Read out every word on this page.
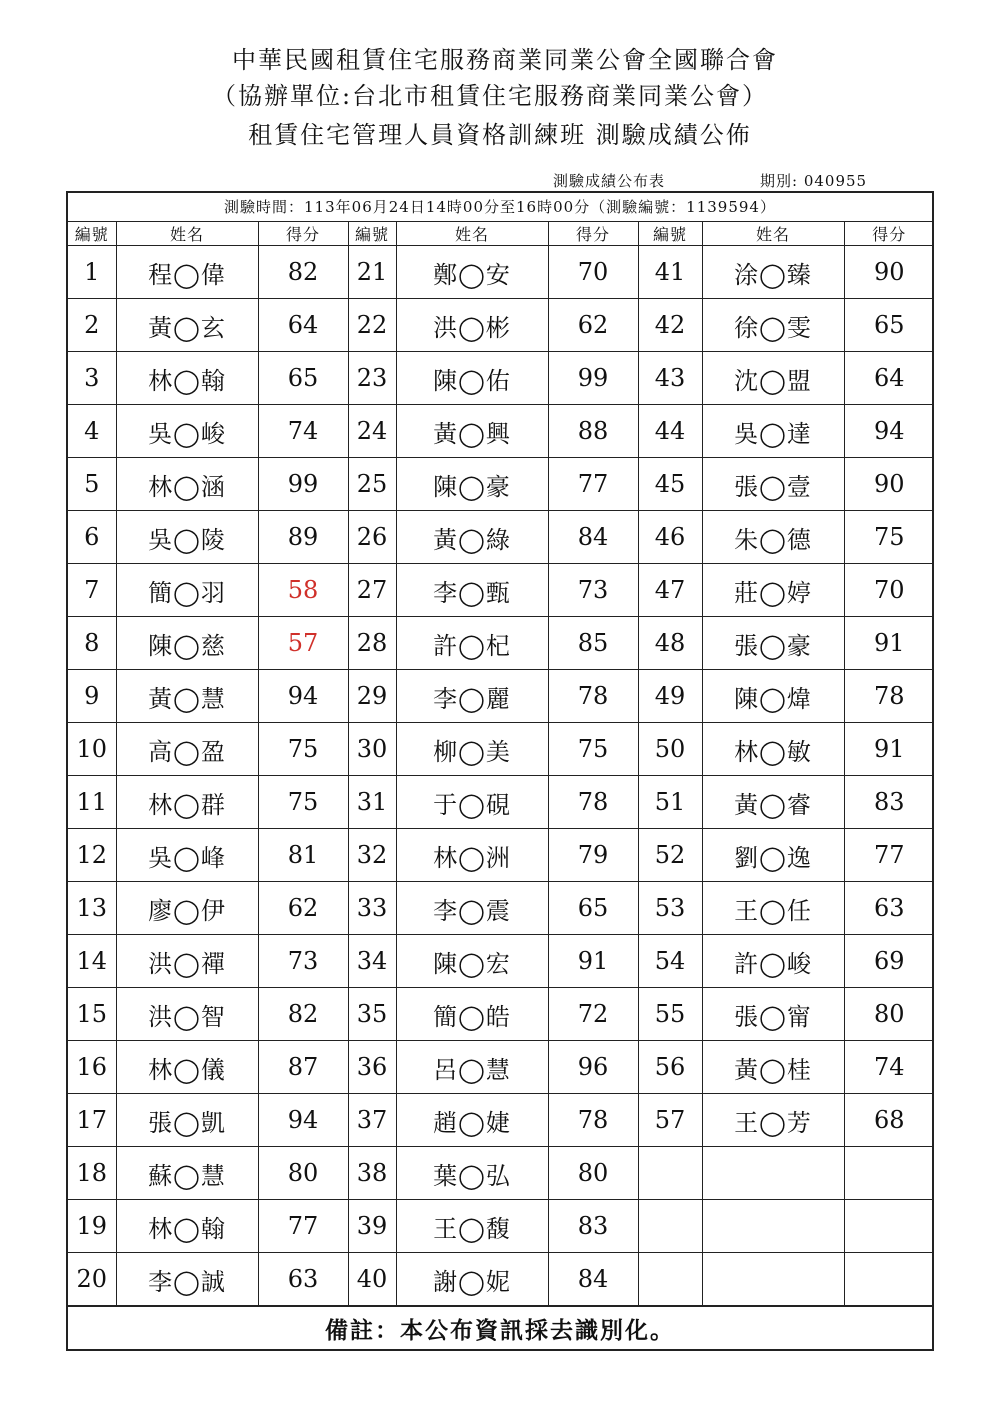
中華民國租賃住宅服務商業同業公會全國聯合會
（協辦單位:台北市租賃住宅服務商業同業公會）
租賃住宅管理人員資格訓練班 測驗成績公佈
測驗成績公布表	期別: 040955
測驗時間：113年06月24日14時00分至16時00分（測驗編號：1139594）
編號	姓名	得分	編號	姓名	得分	編號	姓名	得分
1	程◯偉	82	21	鄭◯安	70	41	涂◯臻	90
2	黃◯玄	64	22	洪◯彬	62	42	徐◯雯	65
3	林◯翰	65	23	陳◯佑	99	43	沈◯盟	64
4	吳◯峻	74	24	黃◯興	88	44	吳◯達	94
5	林◯涵	99	25	陳◯豪	77	45	張◯壹	90
6	吳◯陵	89	26	黃◯綠	84	46	朱◯德	75
7	簡◯羽	58	27	李◯甄	73	47	莊◯婷	70
8	陳◯慈	57	28	許◯杞	85	48	張◯豪	91
9	黃◯慧	94	29	李◯麗	78	49	陳◯煒	78
10	高◯盈	75	30	柳◯美	75	50	林◯敏	91
11	林◯群	75	31	于◯硯	78	51	黃◯睿	83
12	吳◯峰	81	32	林◯洲	79	52	劉◯逸	77
13	廖◯伊	62	33	李◯震	65	53	王◯任	63
14	洪◯禪	73	34	陳◯宏	91	54	許◯峻	69
15	洪◯智	82	35	簡◯皓	72	55	張◯甯	80
16	林◯儀	87	36	呂◯慧	96	56	黃◯桂	74
17	張◯凱	94	37	趙◯婕	78	57	王◯芳	68
18	蘇◯慧	80	38	葉◯弘	80			
19	林◯翰	77	39	王◯馥	83			
20	李◯誠	63	40	謝◯妮	84			
備註：本公布資訊採去識別化。
